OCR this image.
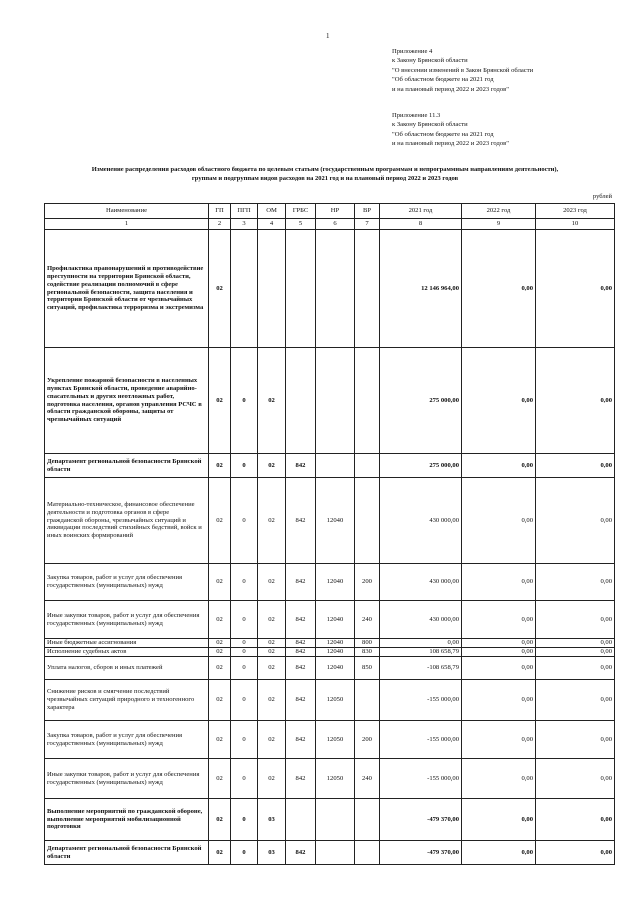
1
Приложение 4
к Закону Брянской области
"О внесении изменений в Закон Брянской области
"Об областном бюджете на 2021 год
и на плановый период 2022 и 2023 годов"
Приложение 11.3
к Закону Брянской области
"Об областном бюджете на 2021 год
и на плановый период 2022 и 2023 годов"
Изменение распределения расходов областного бюджета по целевым статьям (государственным программам и непрограммным направлениям деятельности), группам и подгруппам видов расходов на 2021 год и на плановый период 2022 и 2023 годов
рублей
Наименование	ГП	ПГП	ОМ	ГРБС	НР	ВР	2021 год	2022 год	2023 год
1	2	3	4	5	6	7	8	9	10
Профилактика правонарушений и противодействие преступности на территории Брянской области, содействие реализации полномочий в сфере региональной безопасности, защита населения и территории Брянской области от чрезвычайных ситуаций, профилактика терроризма и экстремизма	02						12 146 964,00	0,00	0,00
Укрепление пожарной безопасности в населенных пунктах Брянской области, проведение аварийно-спасательных и других неотложных работ, подготовка населения, органов управления РСЧС в области гражданской обороны, защиты от чрезвычайных ситуаций	02	0	02				275 000,00	0,00	0,00
Департамент региональной безопасности Брянской области	02	0	02	842			275 000,00	0,00	0,00
Материально-техническое, финансовое обеспечение деятельности и подготовка органов в сфере гражданской обороны, чрезвычайных ситуаций и ликвидации последствий стихийных бедствий, войск и иных воинских формирований	02	0	02	842	12040		430 000,00	0,00	0,00
Закупка товаров, работ и услуг для обеспечения государственных (муниципальных) нужд	02	0	02	842	12040	200	430 000,00	0,00	0,00
Иные закупки товаров, работ и услуг для обеспечения государственных (муниципальных) нужд	02	0	02	842	12040	240	430 000,00	0,00	0,00
Иные бюджетные ассигнования	02	0	02	842	12040	800	0,00	0,00	0,00
Исполнение судебных актов	02	0	02	842	12040	830	108 658,79	0,00	0,00
Уплата налогов, сборов и иных платежей	02	0	02	842	12040	850	-108 658,79	0,00	0,00
Снижение рисков и смягчение последствий чрезвычайных ситуаций природного и техногенного характера	02	0	02	842	12050		-155 000,00	0,00	0,00
Закупка товаров, работ и услуг для обеспечения государственных (муниципальных) нужд	02	0	02	842	12050	200	-155 000,00	0,00	0,00
Иные закупки товаров, работ и услуг для обеспечения государственных (муниципальных) нужд	02	0	02	842	12050	240	-155 000,00	0,00	0,00
Выполнение мероприятий по гражданской обороне, выполнение мероприятий мобилизационной подготовки	02	0	03				-479 370,00	0,00	0,00
Департамент региональной безопасности Брянской области	02	0	03	842			-479 370,00	0,00	0,00
